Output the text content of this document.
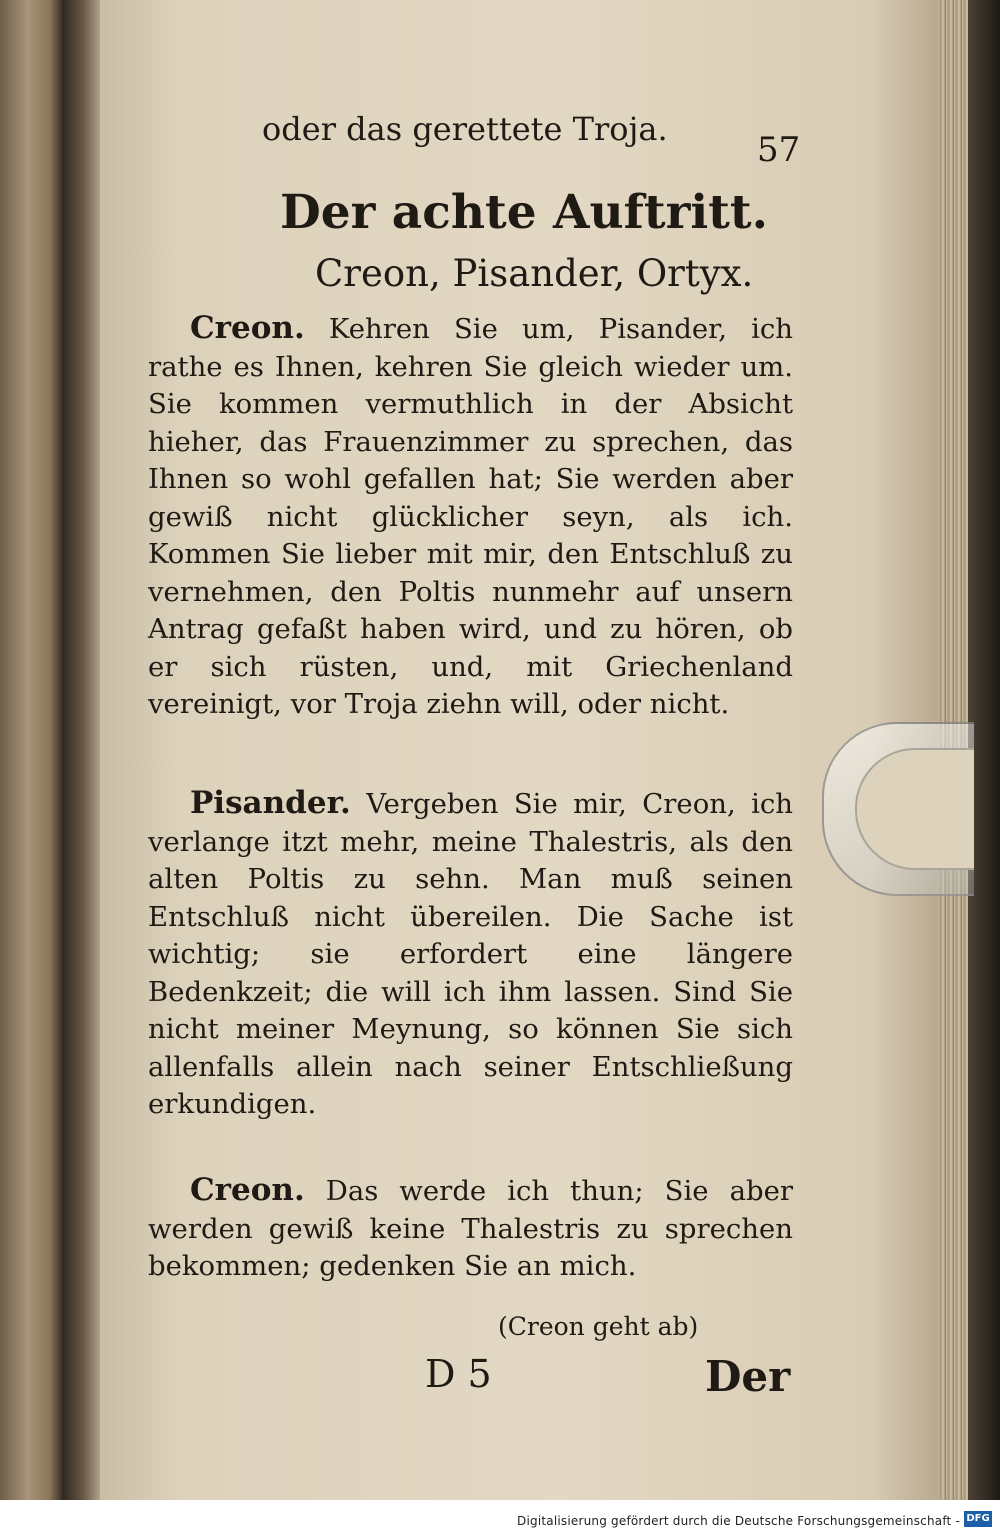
oder das gerettete Troja.
57
Der achte Auftritt.
Creon, Pisander, Ortyx.
Creon. Kehren Sie um, Pisander, ich rathe es Ihnen, kehren Sie gleich wieder um. Sie kommen vermuthlich in der Absicht hieher, das Frauenzimmer zu sprechen, das Ihnen so wohl gefallen hat; Sie werden aber gewiß nicht glücklicher seyn, als ich. Kommen Sie lieber mit mir, den Entschluß zu vernehmen, den Poltis nunmehr auf unsern Antrag gefaßt haben wird, und zu hören, ob er sich rüsten, und, mit Griechenland vereinigt, vor Troja ziehn will, oder nicht.
Pisander. Vergeben Sie mir, Creon, ich verlange itzt mehr, meine Thalestris, als den alten Poltis zu sehn. Man muß seinen Entschluß nicht übereilen. Die Sache ist wichtig; sie erfordert eine längere Bedenkzeit; die will ich ihm lassen. Sind Sie nicht meiner Meynung, so können Sie sich allenfalls allein nach seiner Entschließung erkundigen.
Creon. Das werde ich thun; Sie aber werden gewiß keine Thalestris zu sprechen bekommen; gedenken Sie an mich.
(Creon geht ab)
D 5	Der
Digitalisierung gefördert durch die Deutsche Forschungsgemeinschaft - DFG
